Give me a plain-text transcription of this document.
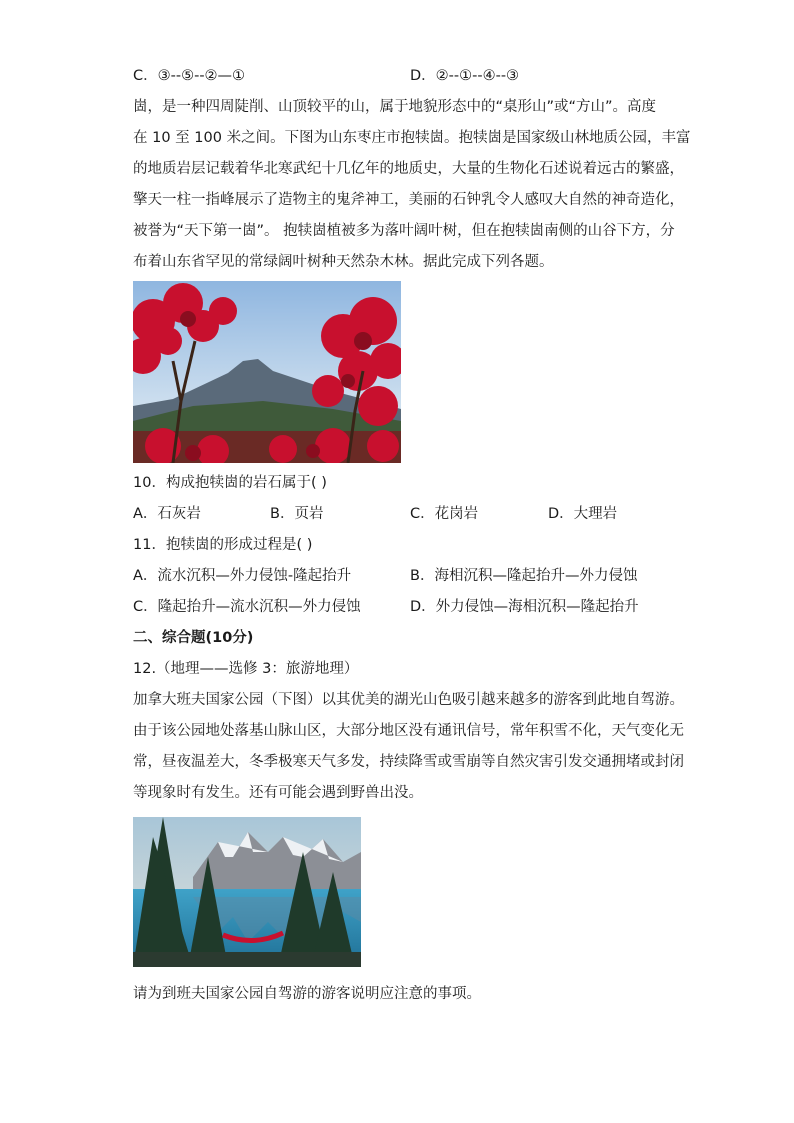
C．③--⑤--②—①	D．②--①--④--③
崮，是一种四周陡削、山顶较平的山，属于地貌形态中的“桌形山”或“方山”。高度
在 10 至 100 米之间。下图为山东枣庄市抱犊崮。抱犊崮是国家级山林地质公园，丰富
的地质岩层记载着华北寒武纪十几亿年的地质史，大量的生物化石述说着远古的繁盛，
擎天一柱一指峰展示了造物主的鬼斧神工，美丽的石钟乳令人感叹大自然的神奇造化，
被誉为“天下第一崮”。 抱犊崮植被多为落叶阔叶树，但在抱犊崮南侧的山谷下方，分
布着山东省罕见的常绿阔叶树种天然杂木林。据此完成下列各题。
10．构成抱犊崮的岩石属于( )
A．石灰岩	B．页岩	C．花岗岩	D．大理岩
11．抱犊崮的形成过程是( )
A．流水沉积—外力侵蚀-隆起抬升	B．海相沉积—隆起抬升—外力侵蚀
C．隆起抬升—流水沉积—外力侵蚀	D．外力侵蚀—海相沉积—隆起抬升
二、综合题(10分)
12.（地理——选修 3：旅游地理）
加拿大班夫国家公园（下图）以其优美的湖光山色吸引越来越多的游客到此地自驾游。
由于该公园地处落基山脉山区，大部分地区没有通讯信号，常年积雪不化，天气变化无
常，昼夜温差大，冬季极寒天气多发，持续降雪或雪崩等自然灾害引发交通拥堵或封闭
等现象时有发生。还有可能会遇到野兽出没。
请为到班夫国家公园自驾游的游客说明应注意的事项。
